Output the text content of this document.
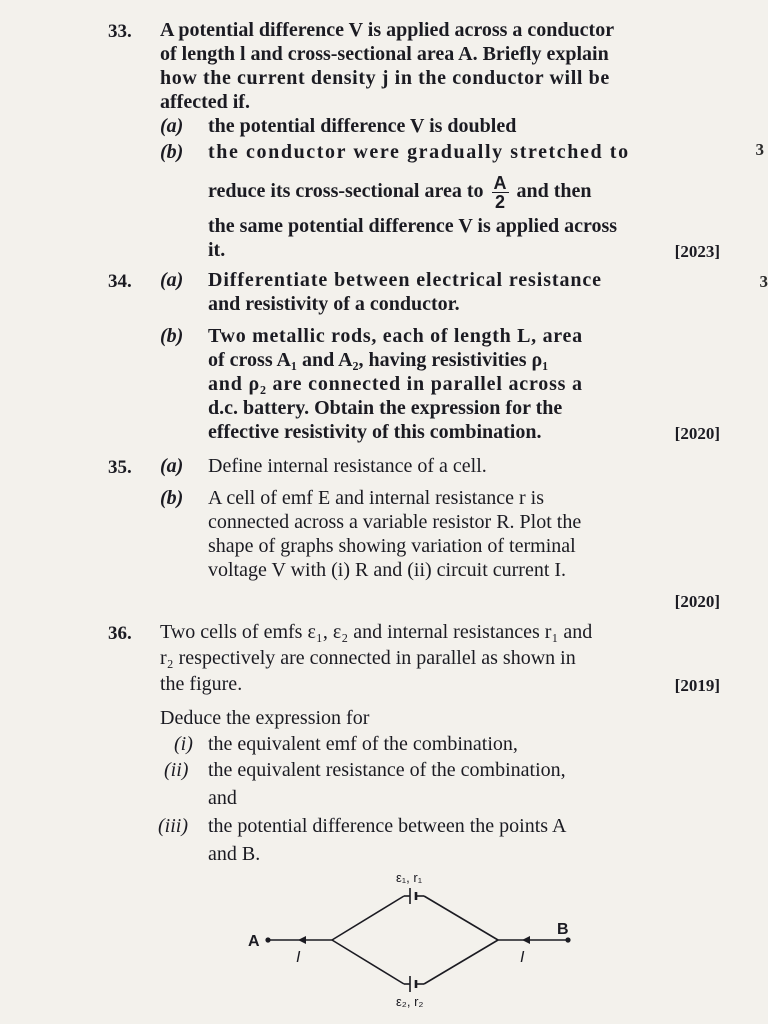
3
3
33. A potential difference V is applied across a conductor
of length l and cross-sectional area A. Briefly explain
how the current density j in the conductor will be
affected if.
(a) the potential difference V is doubled
(b) the conductor were gradually stretched to
reduce its cross-sectional area to $\frac{A}{2}$ and then
the same potential difference V is applied across
it.	[2023]
34. (a) Differentiate between electrical resistance
and resistivity of a conductor.
(b) Two metallic rods, each of length L, area
of cross A₁ and A₂, having resistivities ρ₁
and ρ₂ are connected in parallel across a
d.c. battery. Obtain the expression for the
effective resistivity of this combination.	[2020]
35. (a) Define internal resistance of a cell.
(b) A cell of emf E and internal resistance r is
connected across a variable resistor R. Plot the
shape of graphs showing variation of terminal
voltage V with (i) R and (ii) circuit current I.
[2020]
36. Two cells of emfs ε₁, ε₂ and internal resistances r₁ and
r₂ respectively are connected in parallel as shown in
the figure.	[2019]
Deduce the expression for
(i) the equivalent emf of the combination,
(ii) the equivalent resistance of the combination,
and
(iii) the potential difference between the points A
and B.
ε₁, r₁
ε₂, r₂
A
B
I	I
